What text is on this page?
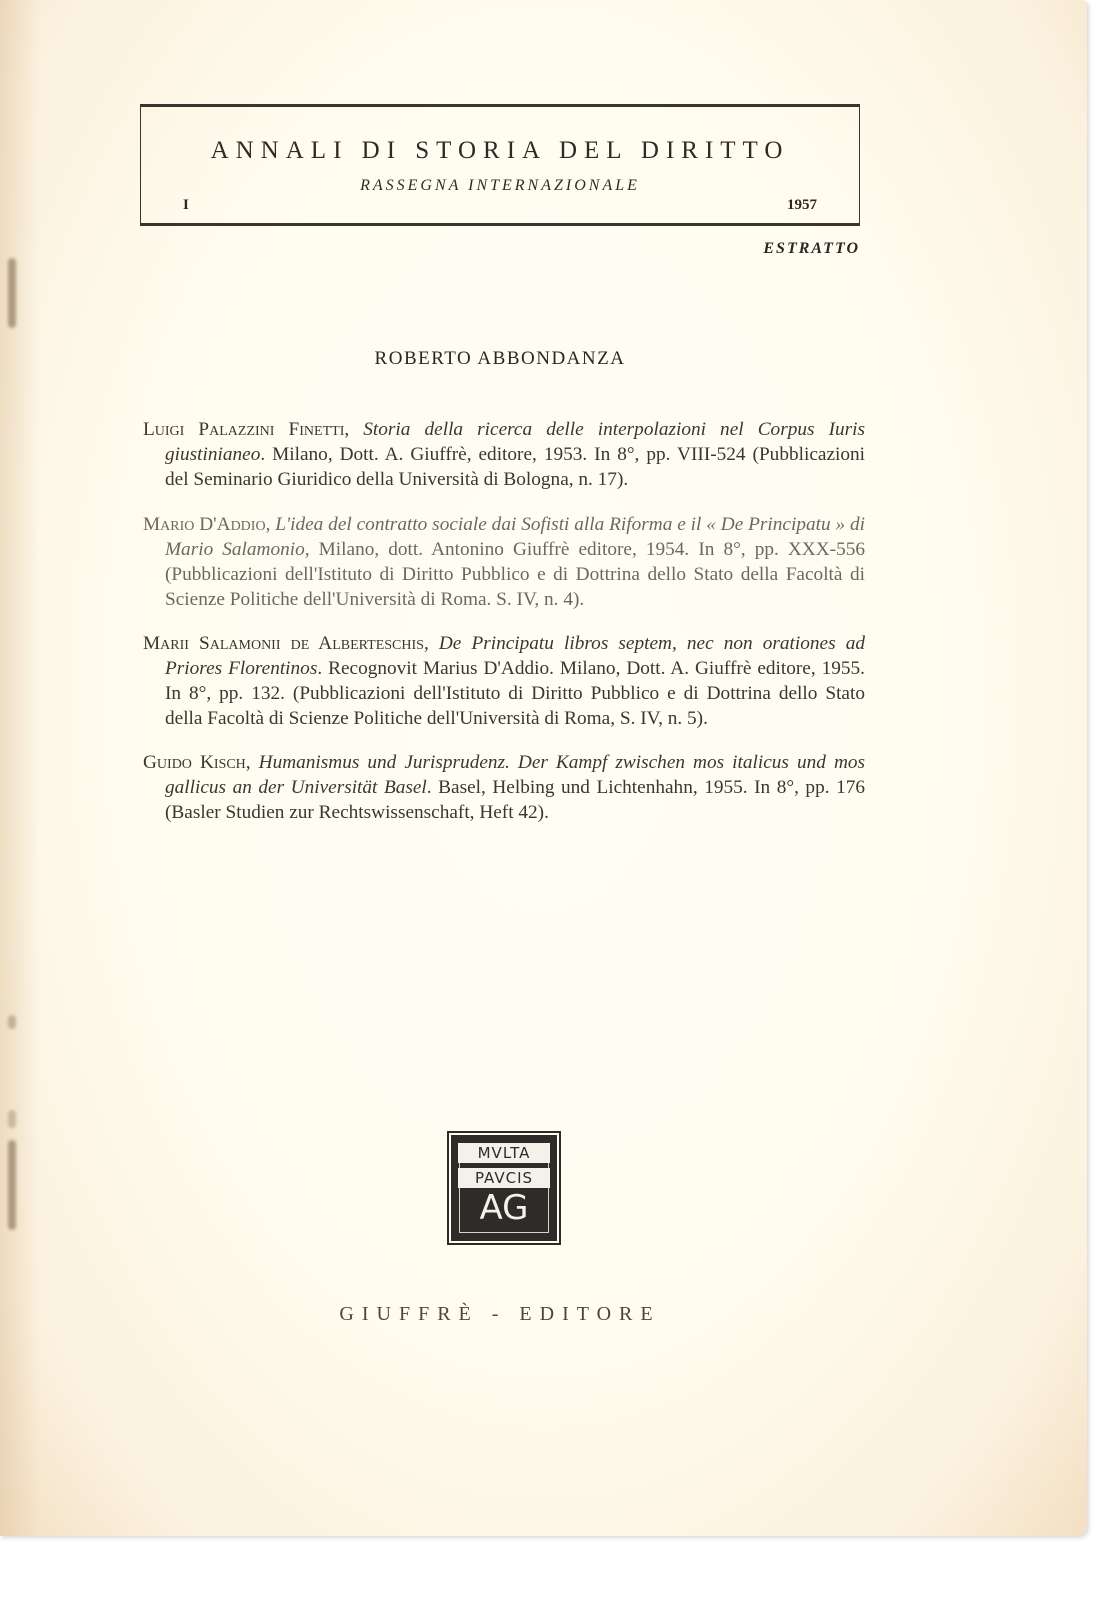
ANNALI DI STORIA DEL DIRITTO
RASSEGNA INTERNAZIONALE
I	1957
ESTRATTO
ROBERTO ABBONDANZA

Luigi Palazzini Finetti, Storia della ricerca delle interpolazioni nel Corpus Iuris giustinianeo. Milano, Dott. A. Giuffrè, editore, 1953. In 8°, pp. VIII-524 (Pubblicazioni del Seminario Giuridico della Università di Bologna, n. 17).

Mario D'Addio, L'idea del contratto sociale dai Sofisti alla Riforma e il « De Principatu » di Mario Salamonio, Milano, dott. Antonino Giuffrè editore, 1954. In 8°, pp. XXX-556 (Pubblicazioni dell'Istituto di Diritto Pubblico e di Dottrina dello Stato della Facoltà di Scienze Politiche dell'Università di Roma. S. IV, n. 4).

Marii Salamonii de Alberteschis, De Principatu libros septem, nec non orationes ad Priores Florentinos. Recognovit Marius D'Addio. Milano, Dott. A. Giuffrè editore, 1955. In 8°, pp. 132. (Pubblicazioni dell'Istituto di Diritto Pubblico e di Dottrina dello Stato della Facoltà di Scienze Politiche dell'Università di Roma, S. IV, n. 5).

Guido Kisch, Humanismus und Jurisprudenz. Der Kampf zwischen mos italicus und mos gallicus an der Universität Basel. Basel, Helbing und Lichtenhahn, 1955. In 8°, pp. 176 (Basler Studien zur Rechtswissenschaft, Heft 42).

MVLTA
PAVCIS
AG
GIUFFRÈ - EDITORE
